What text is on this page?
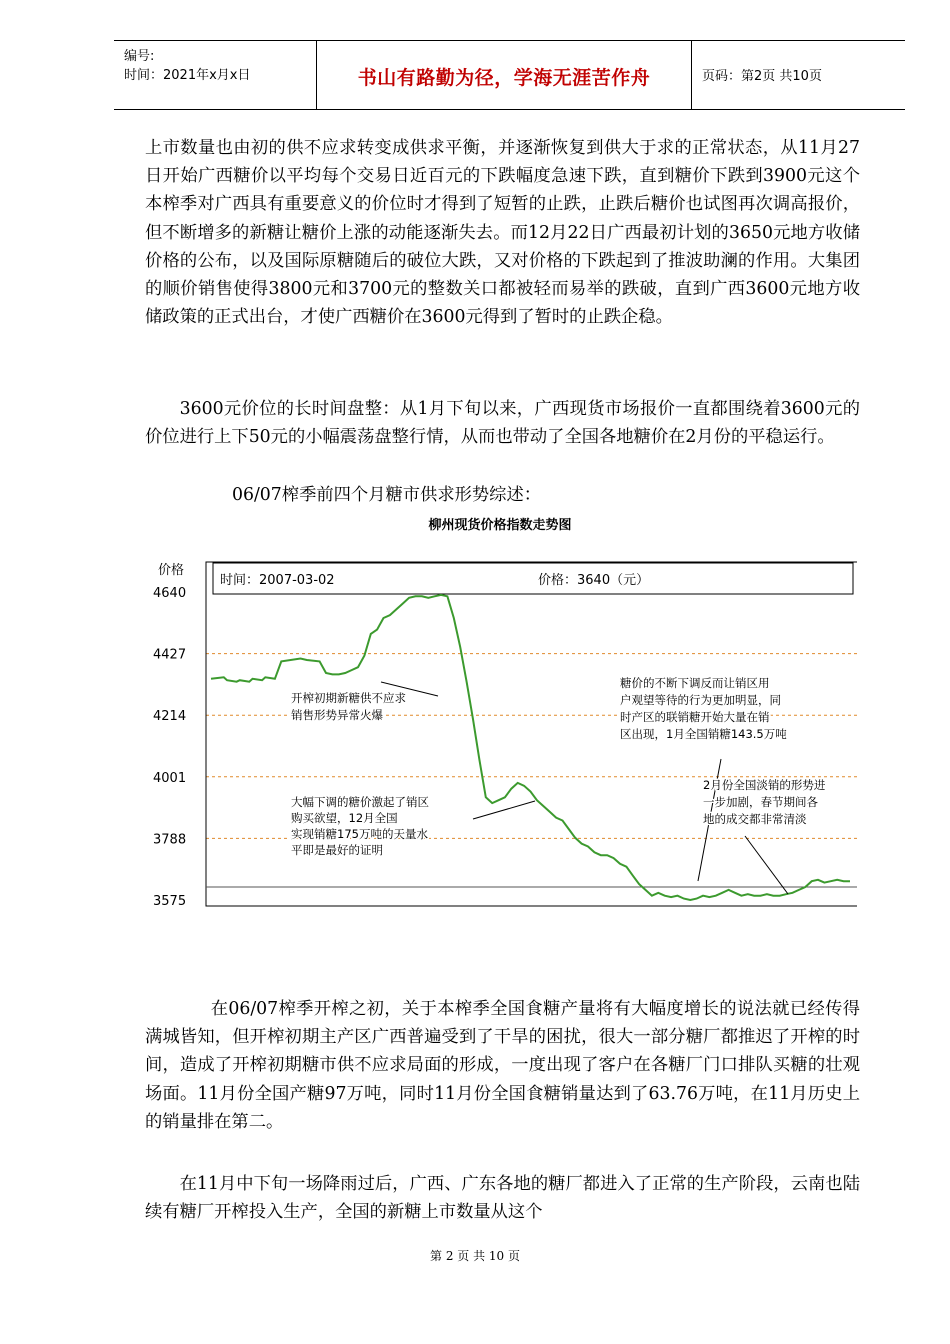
编号:
时间：2021年x月x日	书山有路勤为径，学海无涯苦作舟	页码：第2页 共10页
上市数量也由初的供不应求转变成供求平衡，并逐渐恢复到供大于求的正常状态，从11月27日开始广西糖价以平均每个交易日近百元的下跌幅度急速下跌，直到糖价下跌到3900元这个本榨季对广西具有重要意义的价位时才得到了短暂的止跌，止跌后糖价也试图再次调高报价，但不断增多的新糖让糖价上涨的动能逐渐失去。而12月22日广西最初计划的3650元地方收储价格的公布，以及国际原糖随后的破位大跌，又对价格的下跌起到了推波助澜的作用。大集团的顺价销售使得3800元和3700元的整数关口都被轻而易举的跌破，直到广西3600元地方收储政策的正式出台，才使广西糖价在3600元得到了暂时的止跌企稳。
3600元价位的长时间盘整：从1月下旬以来，广西现货市场报价一直都围绕着3600元的价位进行上下50元的小幅震荡盘整行情，从而也带动了全国各地糖价在2月份的平稳运行。
06/07榨季前四个月糖市供求形势综述：
柳州现货价格指数走势图
价格
4640
4427
4214
4001
3788
3575
时间：2007-03-02	价格：3640（元）
开榨初期新糖供不应求
销售形势异常火爆
大幅下调的糖价激起了销区
购买欲望，12月全国
实现销糖175万吨的天量水
平即是最好的证明
糖价的不断下调反而让销区用
户观望等待的行为更加明显，同
时产区的联销糖开始大量在销
区出现，1月全国销糖143.5万吨
2月份全国淡销的形势进
一步加剧，春节期间各
地的成交都非常清淡
在06/07榨季开榨之初，关于本榨季全国食糖产量将有大幅度增长的说法就已经传得满城皆知，但开榨初期主产区广西普遍受到了干旱的困扰，很大一部分糖厂都推迟了开榨的时间，造成了开榨初期糖市供不应求局面的形成，一度出现了客户在各糖厂门口排队买糖的壮观场面。11月份全国产糖97万吨，同时11月份全国食糖销量达到了63.76万吨，在11月历史上的销量排在第二。
在11月中下旬一场降雨过后，广西、广东各地的糖厂都进入了正常的生产阶段，云南也陆续有糖厂开榨投入生产，全国的新糖上市数量从这个
第 2 页 共 10 页
